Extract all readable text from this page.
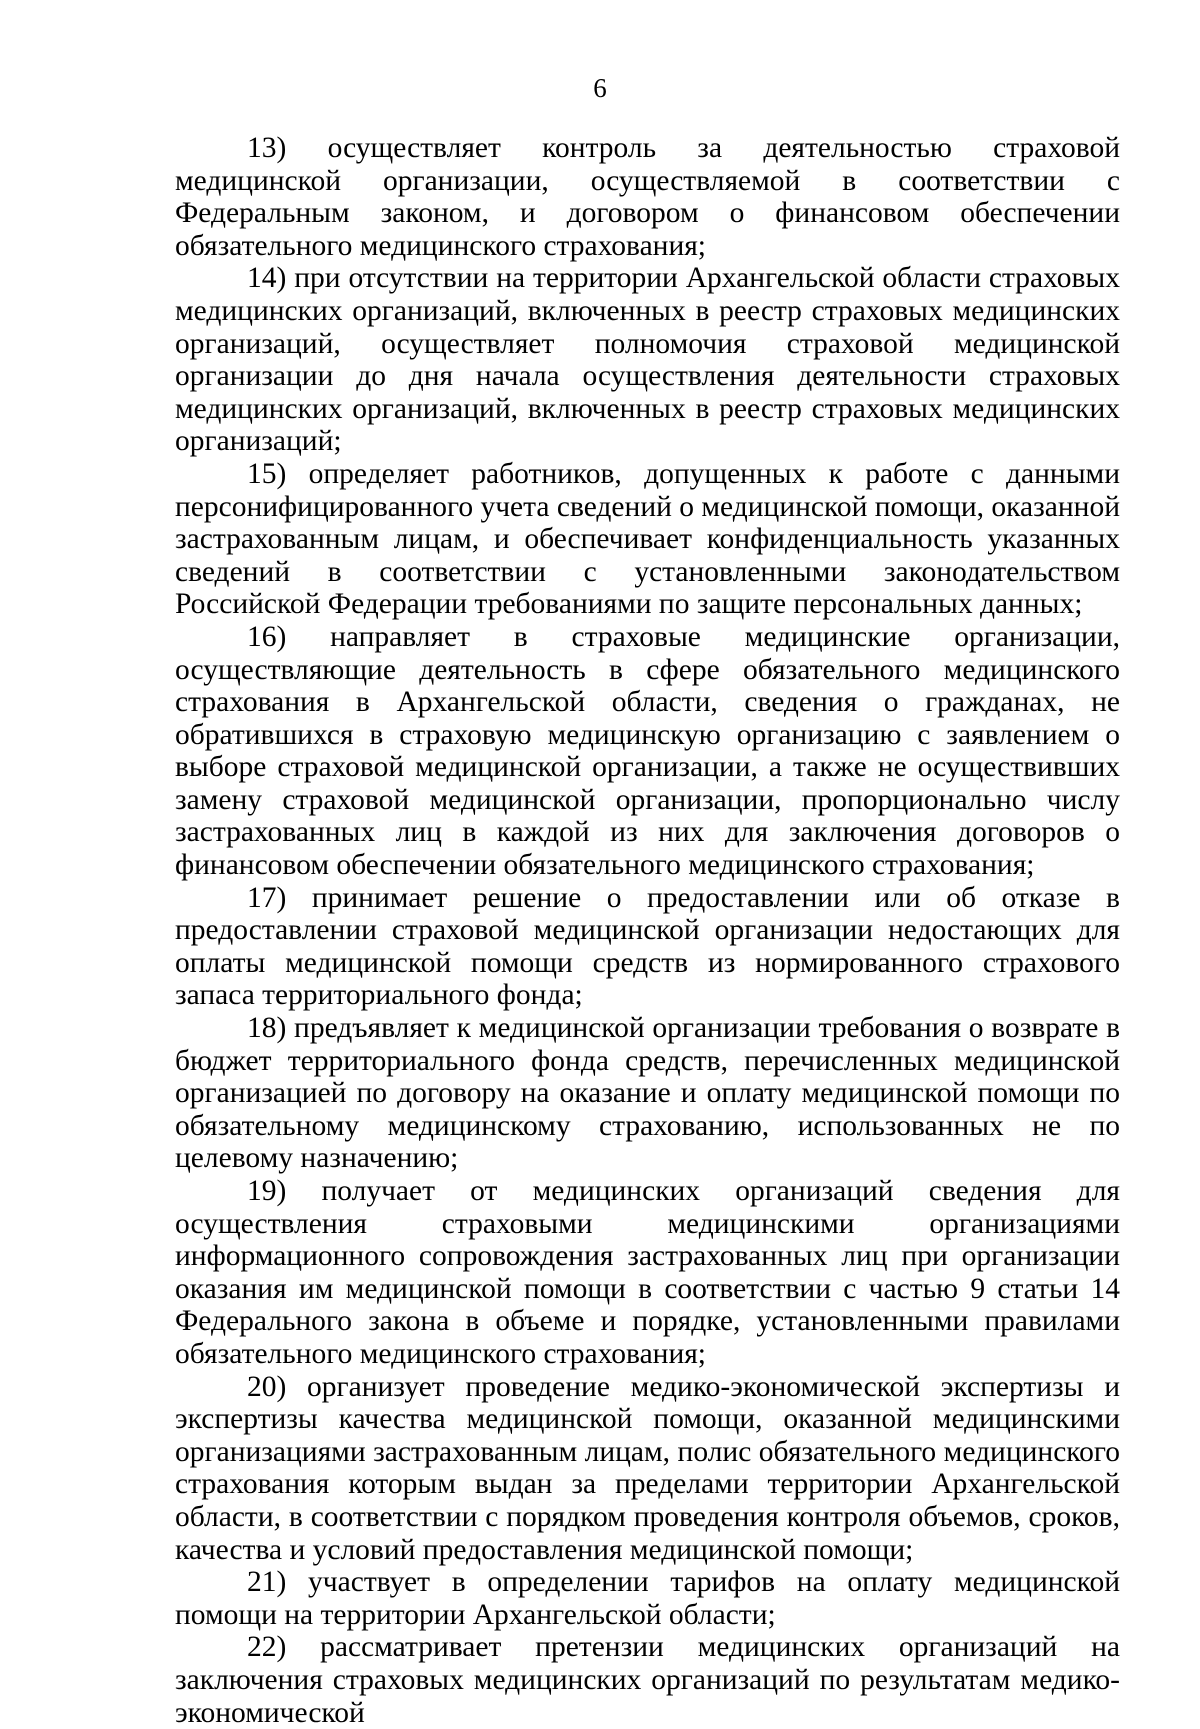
6

13) осуществляет контроль за деятельностью страховой медицинской организации, осуществляемой в соответствии с Федеральным законом, и договором о финансовом обеспечении обязательного медицинского страхования;

14) при отсутствии на территории Архангельской области страховых медицинских организаций, включенных в реестр страховых медицинских организаций, осуществляет полномочия страховой медицинской организации до дня начала осуществления деятельности страховых медицинских организаций, включенных в реестр страховых медицинских организаций;

15) определяет работников, допущенных к работе с данными персонифицированного учета сведений о медицинской помощи, оказанной застрахованным лицам, и обеспечивает конфиденциальность указанных сведений в соответствии с установленными законодательством Российской Федерации требованиями по защите персональных данных;

16) направляет в страховые медицинские организации, осуществляющие деятельность в сфере обязательного медицинского страхования в Архангельской области, сведения о гражданах, не обратившихся в страховую медицинскую организацию с заявлением о выборе страховой медицинской организации, а также не осуществивших замену страховой медицинской организации, пропорционально числу застрахованных лиц в каждой из них для заключения договоров о финансовом обеспечении обязательного медицинского страхования;

17) принимает решение о предоставлении или об отказе в предоставлении страховой медицинской организации недостающих для оплаты медицинской помощи средств из нормированного страхового запаса территориального фонда;

18) предъявляет к медицинской организации требования о возврате в бюджет территориального фонда средств, перечисленных медицинской организацией по договору на оказание и оплату медицинской помощи по обязательному медицинскому страхованию, использованных не по целевому назначению;

19) получает от медицинских организаций сведения для осуществления страховыми медицинскими организациями информационного сопровождения застрахованных лиц при организации оказания им медицинской помощи в соответствии с частью 9 статьи 14 Федерального закона в объеме и порядке, установленными правилами обязательного медицинского страхования;

20) организует проведение медико-экономической экспертизы и экспертизы качества медицинской помощи, оказанной медицинскими организациями застрахованным лицам, полис обязательного медицинского страхования которым выдан за пределами территории Архангельской области, в соответствии с порядком проведения контроля объемов, сроков, качества и условий предоставления медицинской помощи;

21) участвует в определении тарифов на оплату медицинской помощи на территории Архангельской области;

22) рассматривает претензии медицинских организаций на заключения страховых медицинских организаций по результатам медико-экономической
